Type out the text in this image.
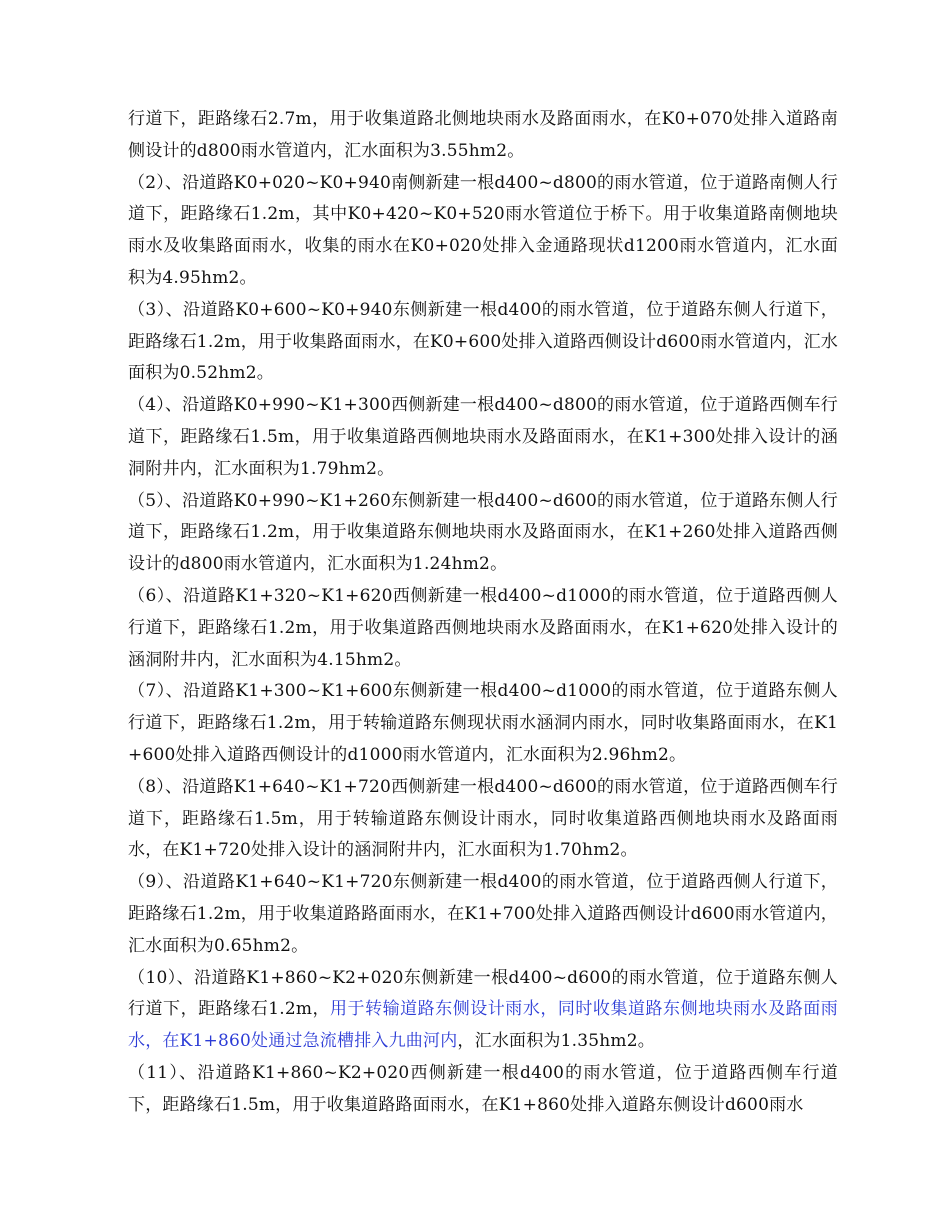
行道下，距路缘石2.7m，用于收集道路北侧地块雨水及路面雨水，在K0+070处排入道路南侧设计的d800雨水管道内，汇水面积为3.55hm2。

（2）、沿道路K0+020~K0+940南侧新建一根d400~d800的雨水管道，位于道路南侧人行道下，距路缘石1.2m，其中K0+420~K0+520雨水管道位于桥下。用于收集道路南侧地块雨水及收集路面雨水，收集的雨水在K0+020处排入金通路现状d1200雨水管道内，汇水面积为4.95hm2。

（3）、沿道路K0+600~K0+940东侧新建一根d400的雨水管道，位于道路东侧人行道下，距路缘石1.2m，用于收集路面雨水，在K0+600处排入道路西侧设计d600雨水管道内，汇水面积为0.52hm2。

（4）、沿道路K0+990~K1+300西侧新建一根d400~d800的雨水管道，位于道路西侧车行道下，距路缘石1.5m，用于收集道路西侧地块雨水及路面雨水，在K1+300处排入设计的涵洞附井内，汇水面积为1.79hm2。

（5）、沿道路K0+990~K1+260东侧新建一根d400~d600的雨水管道，位于道路东侧人行道下，距路缘石1.2m，用于收集道路东侧地块雨水及路面雨水，在K1+260处排入道路西侧设计的d800雨水管道内，汇水面积为1.24hm2。

（6）、沿道路K1+320~K1+620西侧新建一根d400~d1000的雨水管道，位于道路西侧人行道下，距路缘石1.2m，用于收集道路西侧地块雨水及路面雨水，在K1+620处排入设计的涵洞附井内，汇水面积为4.15hm2。

（7）、沿道路K1+300~K1+600东侧新建一根d400~d1000的雨水管道，位于道路东侧人行道下，距路缘石1.2m，用于转输道路东侧现状雨水涵洞内雨水，同时收集路面雨水，在K1+600处排入道路西侧设计的d1000雨水管道内，汇水面积为2.96hm2。

（8）、沿道路K1+640~K1+720西侧新建一根d400~d600的雨水管道，位于道路西侧车行道下，距路缘石1.5m，用于转输道路东侧设计雨水，同时收集道路西侧地块雨水及路面雨水，在K1+720处排入设计的涵洞附井内，汇水面积为1.70hm2。

（9）、沿道路K1+640~K1+720东侧新建一根d400的雨水管道，位于道路西侧人行道下，距路缘石1.2m，用于收集道路路面雨水，在K1+700处排入道路西侧设计d600雨水管道内，汇水面积为0.65hm2。

（10）、沿道路K1+860~K2+020东侧新建一根d400~d600的雨水管道，位于道路东侧人行道下，距路缘石1.2m，用于转输道路东侧设计雨水，同时收集道路东侧地块雨水及路面雨水，在K1+860处通过急流槽排入九曲河内，汇水面积为1.35hm2。

（11）、沿道路K1+860~K2+020西侧新建一根d400的雨水管道，位于道路西侧车行道下，距路缘石1.5m，用于收集道路路面雨水，在K1+860处排入道路东侧设计d600雨水
